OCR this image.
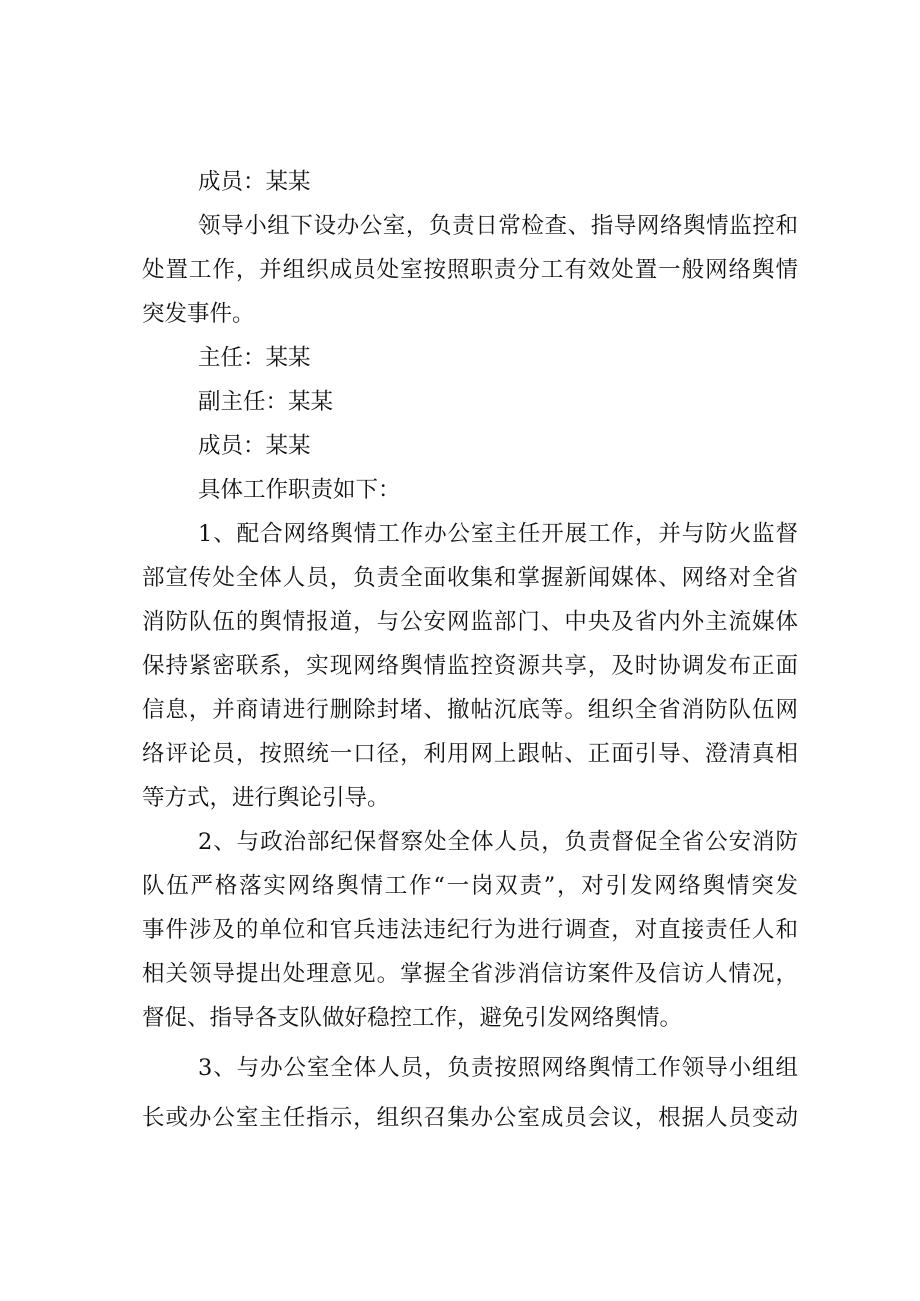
成员：某某
领导小组下设办公室，负责日常检查、指导网络舆情监控和
处置工作，并组织成员处室按照职责分工有效处置一般网络舆情
突发事件。
主任：某某
副主任：某某
成员：某某
具体工作职责如下：
1、配合网络舆情工作办公室主任开展工作，并与防火监督
部宣传处全体人员，负责全面收集和掌握新闻媒体、网络对全省
消防队伍的舆情报道，与公安网监部门、中央及省内外主流媒体
保持紧密联系，实现网络舆情监控资源共享，及时协调发布正面
信息，并商请进行删除封堵、撤帖沉底等。组织全省消防队伍网
络评论员，按照统一口径，利用网上跟帖、正面引导、澄清真相
等方式，进行舆论引导。
2、与政治部纪保督察处全体人员，负责督促全省公安消防
队伍严格落实网络舆情工作“一岗双责”，对引发网络舆情突发
事件涉及的单位和官兵违法违纪行为进行调查，对直接责任人和
相关领导提出处理意见。掌握全省涉消信访案件及信访人情况，
督促、指导各支队做好稳控工作，避免引发网络舆情。
3、与办公室全体人员，负责按照网络舆情工作领导小组组
长或办公室主任指示，组织召集办公室成员会议，根据人员变动
